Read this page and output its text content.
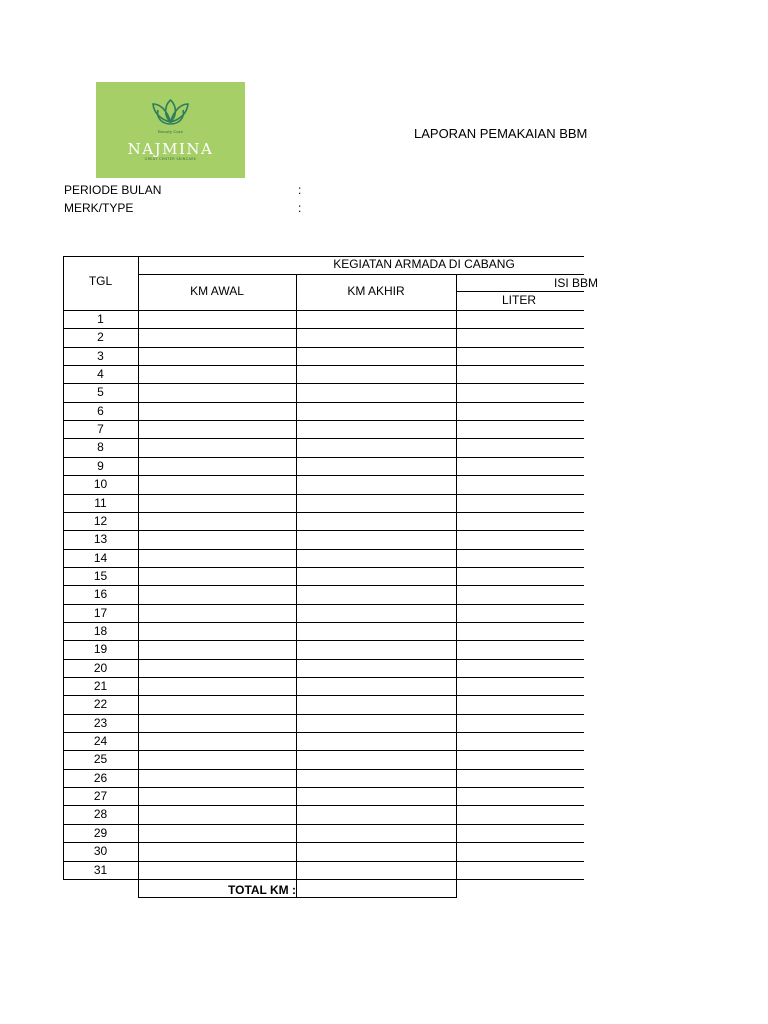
Beauty Care
NAJMINA
GREAT CENTER SKINCARE
LAPORAN PEMAKAIAN BBM
PERIODE BULAN	:
MERK/TYPE	:
TGL
KEGIATAN ARMADA DI CABANG
KM AWAL	KM AKHIR
ISI BBM
LITER
1
2
3
4
5
6
7
8
9
10
11
12
13
14
15
16
17
18
19
20
21
22
23
24
25
26
27
28
29
30
31
TOTAL KM :
